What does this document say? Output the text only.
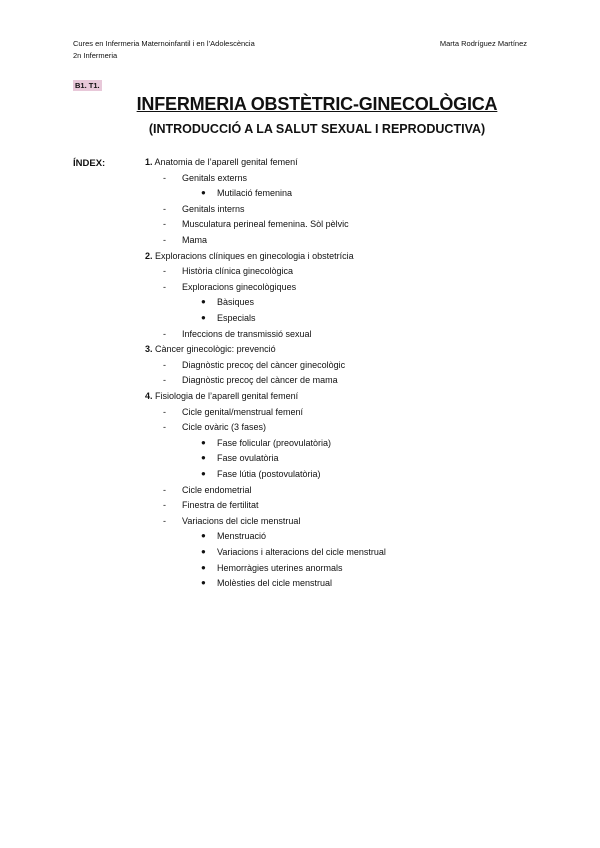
Cures en Infermeria Maternoinfantil i en l’Adolescència
2n Infermeria
Marta Rodríguez Martínez
B1. T1.
INFERMERIA OBSTÈTRIC-GINECOLÒGICA
(INTRODUCCIÓ A LA SALUT SEXUAL I REPRODUCTIVA)
ÍNDEX:	1. Anatomia de l’aparell genital femení
- Genitals externs
● Mutilació femenina
- Genitals interns
- Musculatura perineal femenina. Sòl pèlvic
- Mama
2. Exploracions clíniques en ginecologia i obstetrícia
- Història clínica ginecològica
- Exploracions ginecològiques
● Bàsiques
● Especials
- Infeccions de transmissió sexual
3. Càncer ginecològic: prevenció
- Diagnòstic precoç del càncer ginecològic
- Diagnòstic precoç del càncer de mama
4. Fisiologia de l’aparell genital femení
- Cicle genital/menstrual femení
- Cicle ovàric (3 fases)
● Fase folicular (preovulatòria)
● Fase ovulatòria
● Fase lútia (postovulatòria)
- Cicle endometrial
- Finestra de fertilitat
- Variacions del cicle menstrual
● Menstruació
● Variacions i alteracions del cicle menstrual
● Hemorràgies uterines anormals
● Molèsties del cicle menstrual
